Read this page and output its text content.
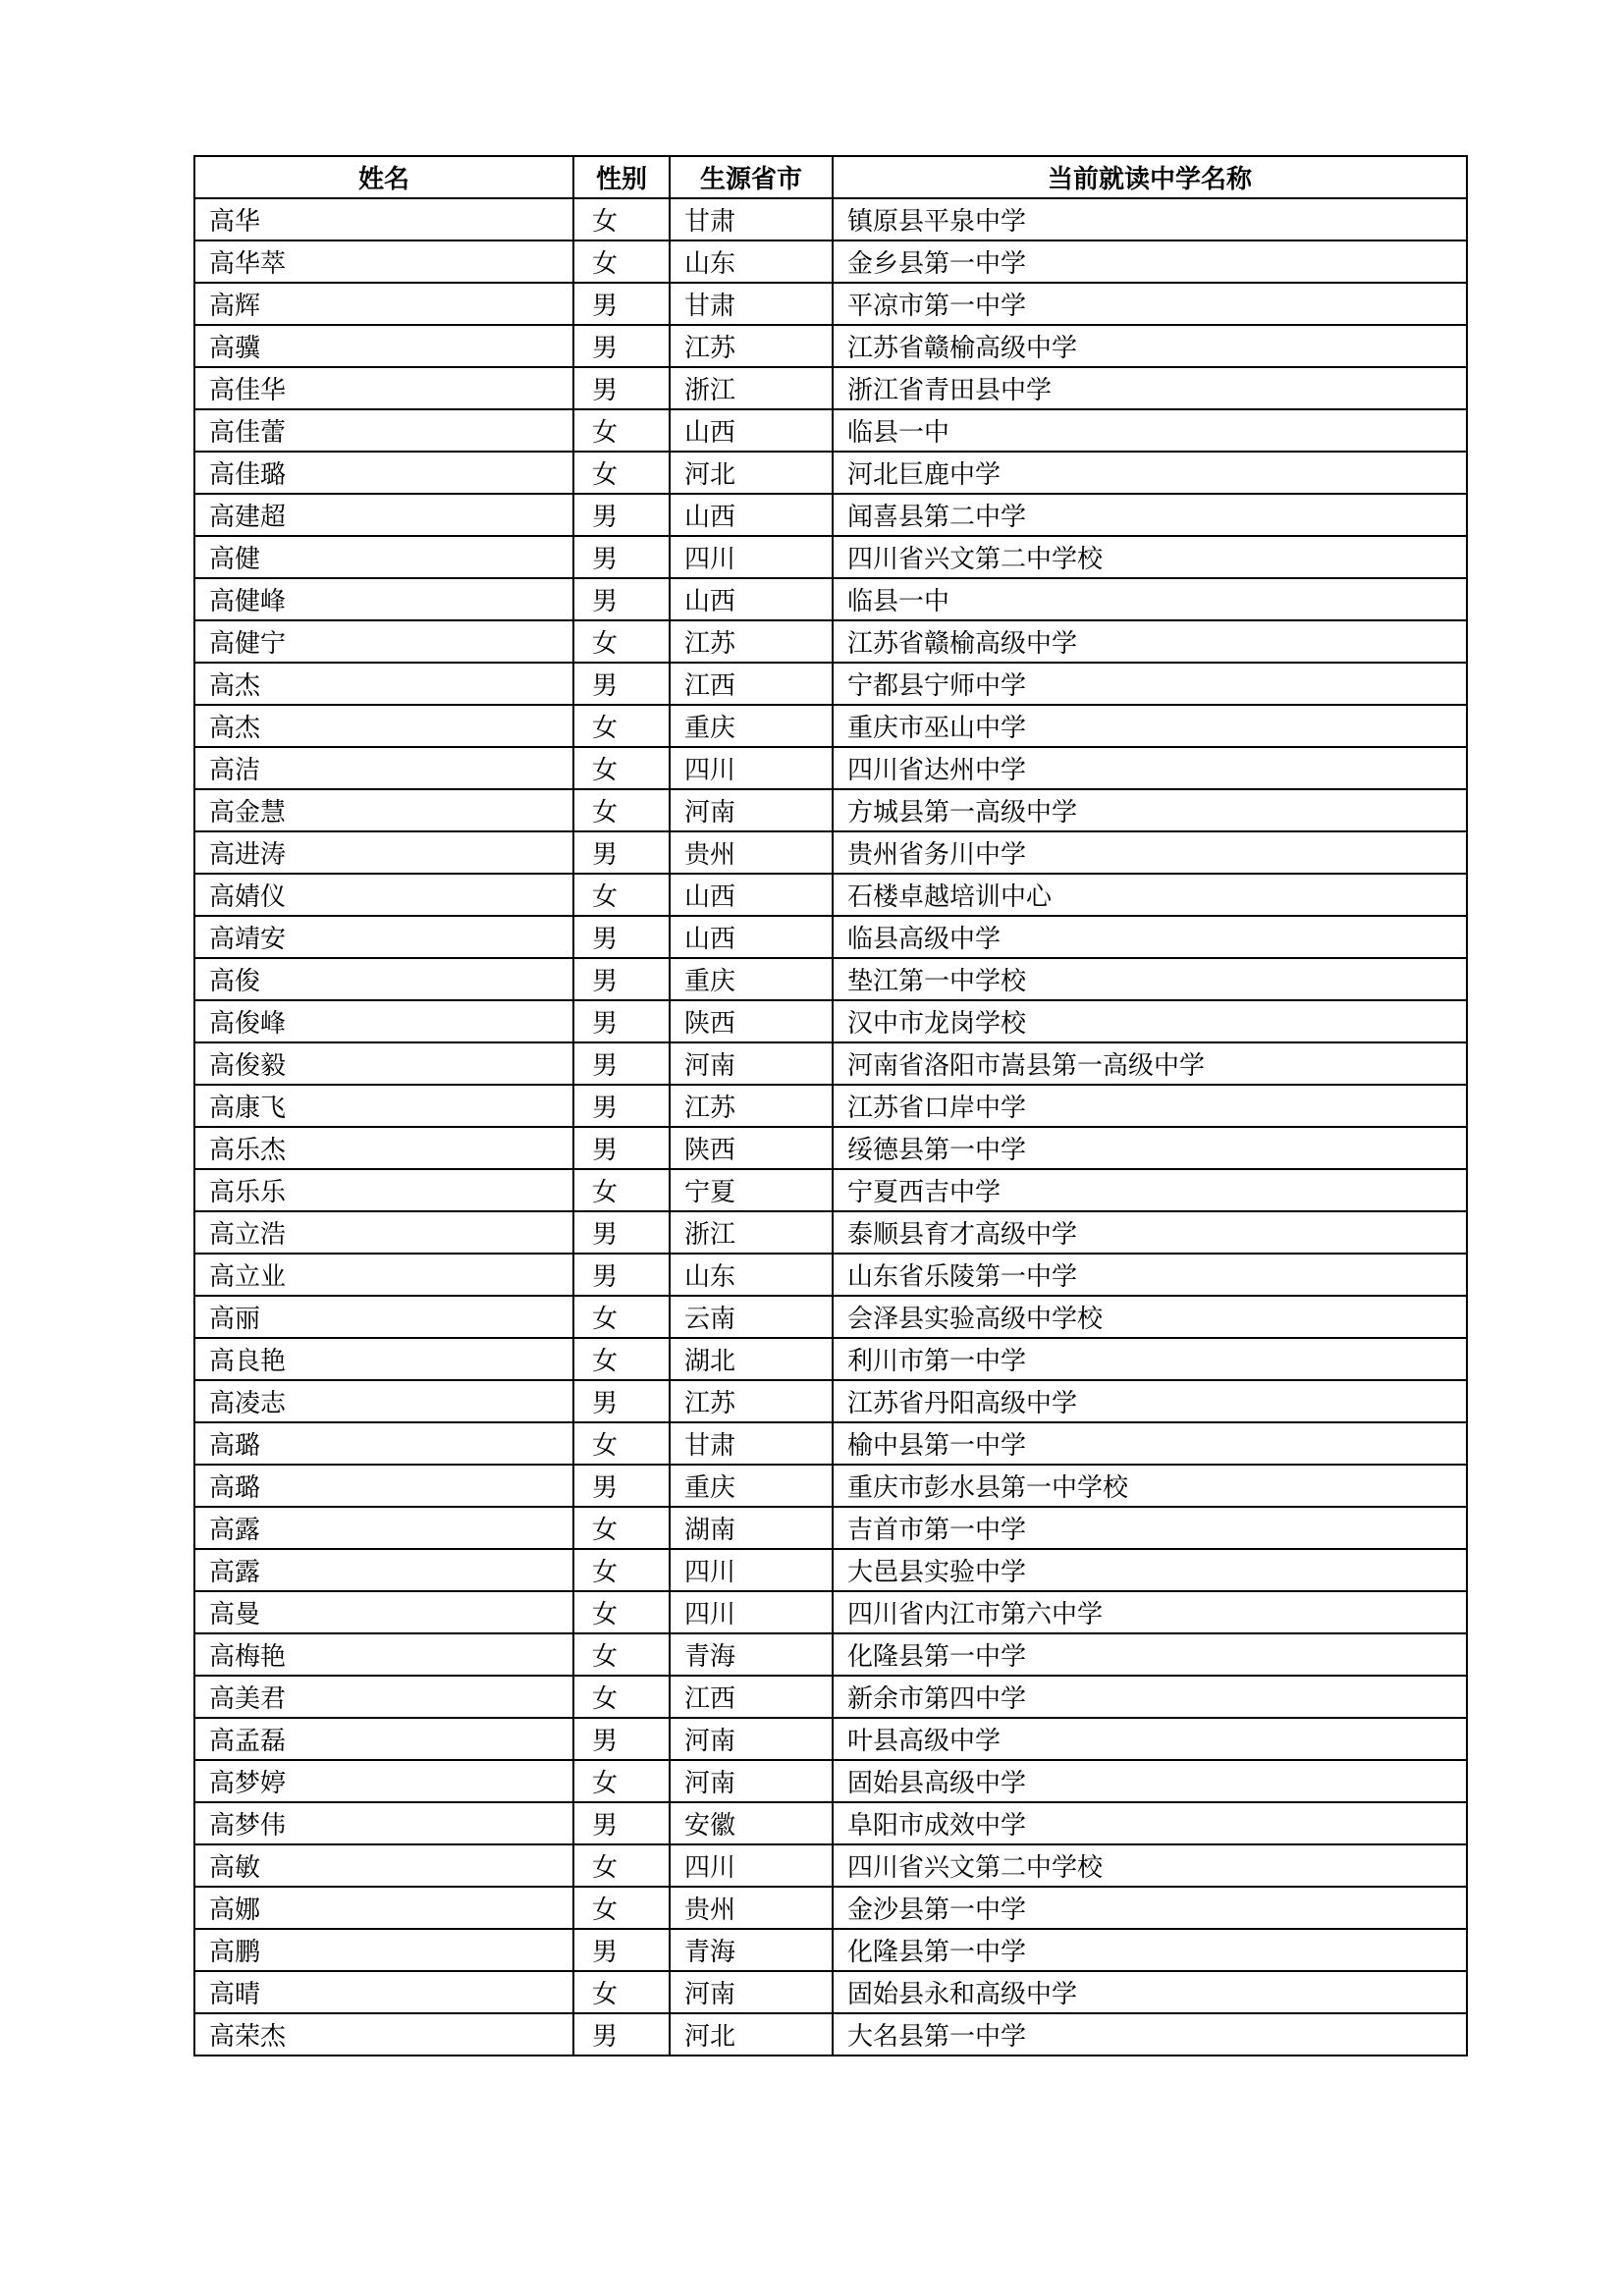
姓名	性别	生源省市	当前就读中学名称
高华	女	甘肃	镇原县平泉中学
高华萃	女	山东	金乡县第一中学
高辉	男	甘肃	平凉市第一中学
高骥	男	江苏	江苏省赣榆高级中学
高佳华	男	浙江	浙江省青田县中学
高佳蕾	女	山西	临县一中
高佳璐	女	河北	河北巨鹿中学
高建超	男	山西	闻喜县第二中学
高健	男	四川	四川省兴文第二中学校
高健峰	男	山西	临县一中
高健宁	女	江苏	江苏省赣榆高级中学
高杰	男	江西	宁都县宁师中学
高杰	女	重庆	重庆市巫山中学
高洁	女	四川	四川省达州中学
高金慧	女	河南	方城县第一高级中学
高进涛	男	贵州	贵州省务川中学
高婧仪	女	山西	石楼卓越培训中心
高靖安	男	山西	临县高级中学
高俊	男	重庆	垫江第一中学校
高俊峰	男	陕西	汉中市龙岗学校
高俊毅	男	河南	河南省洛阳市嵩县第一高级中学
高康飞	男	江苏	江苏省口岸中学
高乐杰	男	陕西	绥德县第一中学
高乐乐	女	宁夏	宁夏西吉中学
高立浩	男	浙江	泰顺县育才高级中学
高立业	男	山东	山东省乐陵第一中学
高丽	女	云南	会泽县实验高级中学校
高良艳	女	湖北	利川市第一中学
高凌志	男	江苏	江苏省丹阳高级中学
高璐	女	甘肃	榆中县第一中学
高璐	男	重庆	重庆市彭水县第一中学校
高露	女	湖南	吉首市第一中学
高露	女	四川	大邑县实验中学
高曼	女	四川	四川省内江市第六中学
高梅艳	女	青海	化隆县第一中学
高美君	女	江西	新余市第四中学
高孟磊	男	河南	叶县高级中学
高梦婷	女	河南	固始县高级中学
高梦伟	男	安徽	阜阳市成效中学
高敏	女	四川	四川省兴文第二中学校
高娜	女	贵州	金沙县第一中学
高鹏	男	青海	化隆县第一中学
高晴	女	河南	固始县永和高级中学
高荣杰	男	河北	大名县第一中学
